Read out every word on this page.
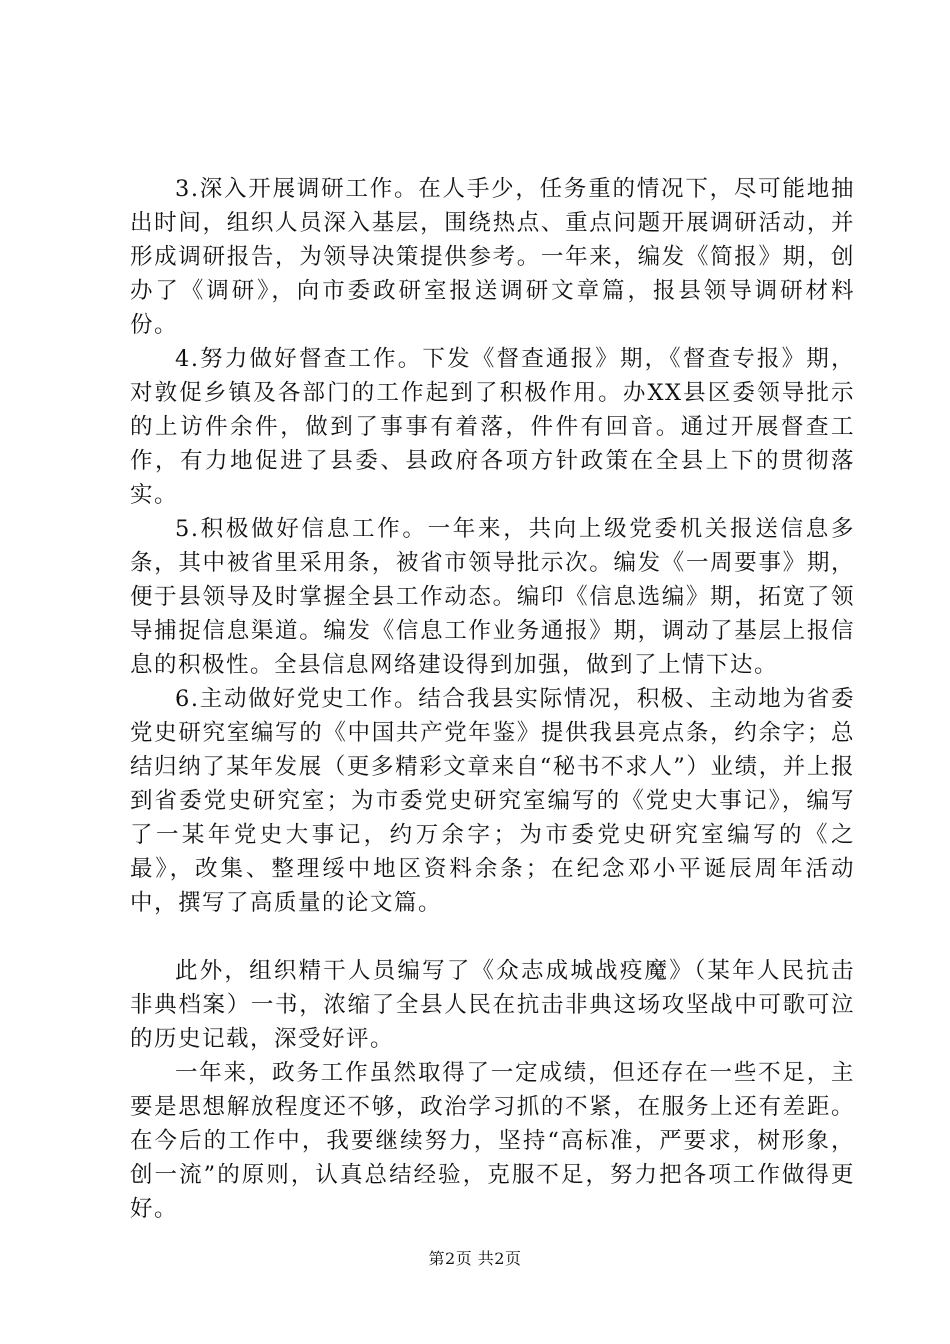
3.深入开展调研工作。在人手少，任务重的情况下，尽可能地抽出时间，组织人员深入基层，围绕热点、重点问题开展调研活动，并形成调研报告，为领导决策提供参考。一年来，编发《简报》期，创办了《调研》，向市委政研室报送调研文章篇，报县领导调研材料份。

4.努力做好督查工作。下发《督查通报》期，《督查专报》期，对敦促乡镇及各部门的工作起到了积极作用。办XX县区委领导批示的上访件余件，做到了事事有着落，件件有回音。通过开展督查工作，有力地促进了县委、县政府各项方针政策在全县上下的贯彻落实。

5.积极做好信息工作。一年来，共向上级党委机关报送信息多条，其中被省里采用条，被省市领导批示次。编发《一周要事》期，便于县领导及时掌握全县工作动态。编印《信息选编》期，拓宽了领导捕捉信息渠道。编发《信息工作业务通报》期，调动了基层上报信息的积极性。全县信息网络建设得到加强，做到了上情下达。

6.主动做好党史工作。结合我县实际情况，积极、主动地为省委党史研究室编写的《中国共产党年鉴》提供我县亮点条，约余字；总结归纳了某年发展（更多精彩文章来自“秘书不求人”）业绩，并上报到省委党史研究室；为市委党史研究室编写的《党史大事记》，编写了一某年党史大事记，约万余字；为市委党史研究室编写的《之最》，改集、整理绥中地区资料余条；在纪念邓小平诞辰周年活动中，撰写了高质量的论文篇。

此外，组织精干人员编写了《众志成城战疫魔》（某年人民抗击非典档案）一书，浓缩了全县人民在抗击非典这场攻坚战中可歌可泣的历史记载，深受好评。

一年来，政务工作虽然取得了一定成绩，但还存在一些不足，主要是思想解放程度还不够，政治学习抓的不紧，在服务上还有差距。在今后的工作中，我要继续努力，坚持“高标准，严要求，树形象，创一流”的原则，认真总结经验，克服不足，努力把各项工作做得更好。

第2页 共2页
